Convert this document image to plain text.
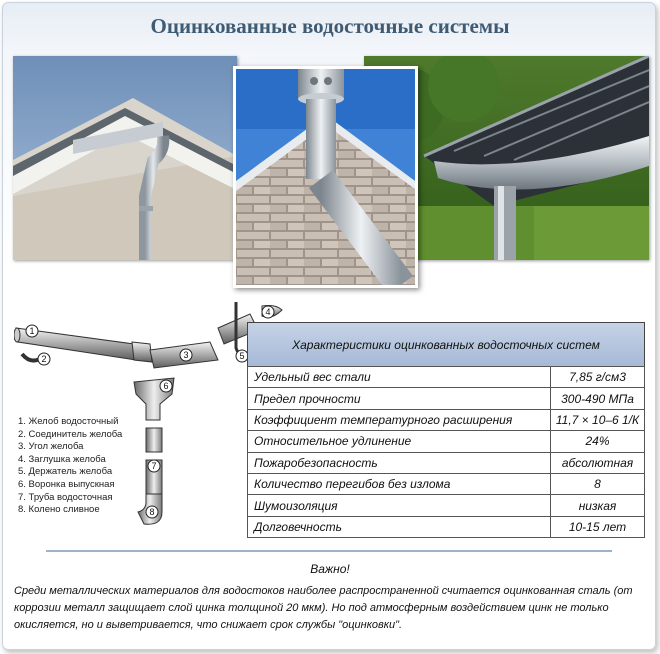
Оцинкованные водосточные системы
1
2	3
4
5
6
7
8
1. Желоб водосточный
2. Соединитель желоба
3. Угол желоба
4. Заглушка желоба
5. Держатель желоба
6. Воронка выпускная
7. Труба водосточная
8. Колено сливное
Характеристики оцинкованных водосточных систем
Удельный вес стали	7,85 г/см3
Предел прочности	300-490 МПа
Коэффициент температурного расширения	11,7 × 10–6 1/К
Относительное удлинение	24%
Пожаробезопасность	абсолютная
Количество перегибов без излома	8
Шумоизоляция	низкая
Долговечность	10-15 лет
Важно!

Среди металлических материалов для водостоков наиболее распространенной считается оцинкованная сталь (от коррозии металл защищает слой цинка толщиной 20 мкм). Но под атмосферным воздействием цинк не только окисляется, но и выветривается, что снижает срок службы "оцинковки".
